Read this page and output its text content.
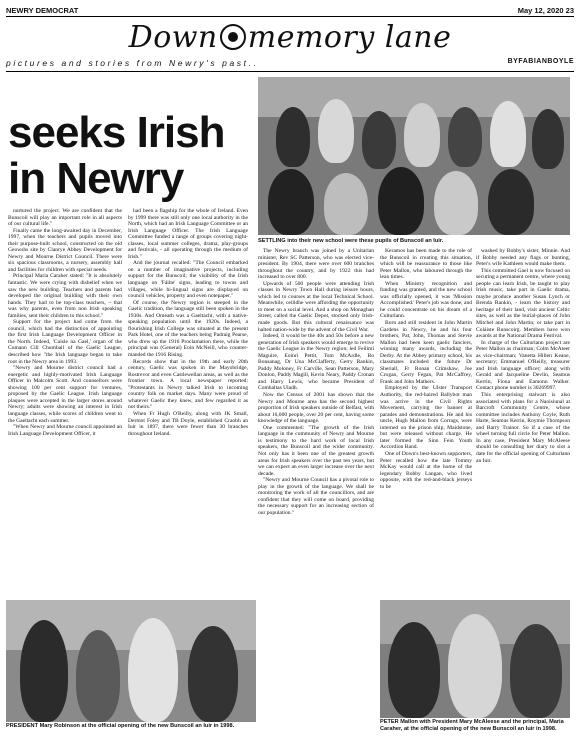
NEWRY DEMOCRAT	May 12, 2020 23
Down memory lane
pictures and stories from Newry's past..	BYFABIANBOYLE
seeks Irish in Newry
SETTLING into their new school were these pupils of Bunscoil an Iuir.
PRESIDENT Mary Robinson at the official opening of the new Bunscoil an Iuir in 1998.
PETER Mallon with President Mary McAleese and the principal, Maria Caraher, at the official opening of the new Bunscoil an Iuir in 1998.

nurtured the project. We are confident that the Bunscoil will play an important role in all aspects of our cultural life."

Finally came the long-awaited day in December, 1997, when the teachers and pupils moved into their purpose-built school, constructed on the old Geowshs site by Clanrye Abbey Development for Newry and Mourne District Council. There were six spacious classrooms, a nursery, assembly hall and facilities for children with special needs.

Principal Maria Caraher stated: "It is absolutely fantastic. We were crying with disbelief when we saw the new building. Teachers and parents had developed the original building with their own hands. They had to be top-class teachers, – that was why parents, even from non Irish speaking families, sent their children to this school."

Support for the project had come from the council, which had the distinction of appointing the first Irish Language Development Officer in the North. Indeed, 'Cuisle na Gael,' organ of the Cumann Cill Chumbail of the Gaelic League, described how "the Irish language began to take root in the Newry area in 1993.

"Newry and Mourne district council had a energetic and highly-motivated Irish Language Officer in Malcolm Scott. And counsellors were showing 100 per cent support for ventures, proposed by the Gaelic League. Irish language plaques were accepted in the larger stores around Newry; adults were showing an interest in Irish language classes, while scores of children went to the Gaeltacht each summer.

"When Newry and Mourne council appointed an Irish Language Development Officer, it

had been a flagship for the whole of Ireland. Even by 1999 there was still only one local authority in the North, which had an Irish Language Committee or an Irish Language Officer. The Irish Language Committee funded a range of groups covering night-classes, local summer colleges, drama, play-groups and festivals, - all operating through the medium of Irish."

And the journal recalled: "The Council embarked on a number of imaginative projects, including support for the Bunscoil; the visibility of the Irish language on 'Fáilte' signs, leading to towns and villages, while bi-lingual signs are displayed on council vehicles, property and even notepaper."

Of course, the Newry region is steeped in the Gaelic tradition, the language still been spoken in the 1930s. And Omeath was a Gaeltacht, with a native-speaking population until the 1920s. Indeed, a flourishing Irish College was situated at the present Park Hotel, one of the teachers being Padraig Pearse, who drew up the 1916 Proclamation there, while the principal was (General) Eoin McNeill, who counter-manded the 1916 Rising.

Records show that in the 19th and early 20th century, Gaelic was spoken in the Mayobridge, Rostrevor and even Castlewellan areas, as well as the frontier town. A local newspaper reported: "Protestants in Newry talked Irish to incoming country folk on market days. Many were proud of whatever Gaelic they knew, and few regarded it as not theirs."

When Fr Hugh O'Reilly, along with JK Small, Dermot Foley and TB Doyle, established Craobh an Iuir in 1897, there were fewer than 30 branches throughout Ireland.

The Newry branch was joined by a Unitarian minister, Rev SC Patterson, who was elected vice-president. By 1904, there were over 600 branches throughout the country, and by 1922 this had increased to over 800.

Upwards of 500 people were attending Irish classes in Newry Town Hall during leisure hours, which led to courses at the local Technical School. Meanwhile, ceilidhe were affording the opportunity to meet on a social level. And a shop on Monaghan Street, called the Gaelic Depot, stocked only Irish-made goods. But this cultural renaissance was halted nation-wide by the advent of the Civil War.

Indeed, it would be the 40s and 50s before a new generation of Irish speakers would emerge to revive the Gaelic League in the Newry region; led Feilimí Maguire, Eoinri Pettit, Tom McArdle, Bo Bonsanag, Dr Una McClafferty, Gerry Rankin, Paddy Moloney, Fr Carville, Sean Patterson, Mary Donlon, Paddy Magill, Kevin Neary, Paddy Cronan and Harry Lewis, who became President of Comhaltas Uladh.

Now the Census of 2001 has shown that the Newry and Mourne area has the second highest proportion of Irish speakers outside of Belfast, with about 16,000 people, over 20 per cent, having some knowledge of the language.

One commented: "The growth of the Irish language in the community of Newry and Mourne is testimony to the hard work of local Irish speakers, the Bunscoil and the wider community. Not only has it been one of the greatest growth areas for Irish speakers over the past ten years, but we can expect an even larger increase over the next decade.

"Newry and Mourne Council has a pivotal role to play in the growth of the language. We shall be monitoring the work of all the councillors, and are confident that they will come on board, providing the necessary support for an increasing section of our population."

Keramos has been made to the role of the Bunscoil in creating this situation, which will be reassurance to those like Peter Mallon, who laboured through the lean times.

When Ministry recognition and funding was granted, and the new school was officially opened, it was 'Mission Accomplished.' Peter's job was done, and he could concentrate on his dream of a Culturlann.

Born and still resident in John Martin Gardens in Newry, he and his four brothers, Pat, John, Thomas and Stevie Mallon had been keen gaelic fanciers, winning many awards, including the Derby. At the Abbey primary school, his classmates included the future Dr Sheriall, Fr Ronan Crimshaw, Joe Crogan, Gerry Fegan, Pat McCaffrey, Frank and John Mathers.

Employed by the Ulster Transport Authority, the red-haired Ballybot man was active in the Civil Rights Movement, carrying the banner at parades and demonstrations. He and his uncle, Hugh Mallon from Corrags, were interned on the prison ship, Maidstone, but were released without charge. He later formed the Sinn Fein Youth Accordion Band.

One of Down's best-known supporters, Peter recalled how the late Tommy McKay would call at the home of the legendary Bobby Langan, who lived opposite, with the red-and-black jerseys to be

washed by Bobby's sister, Minnie. And if Bobby needed any flags or bunting, Peter's wife Kathleen would make them.

This committed Gael is now focused on securing a permanent centre, where young people can learn Irish, be taught to play Irish music, take part in Gaelic drama, maybe produce another Susan Lynch or Brenda Rankin, - learn the history and heritage of their land, visit ancient Celtic sites, as well as the burial-places of John Mitchel and John Martin; or take part in Coláiste Bunscoirg. Members have won awards at the National Drama Festival.

In charge of the Culturlann project are Peter Mallon as chairman; Colm McAteer as vice-chairman; Vanetta Hillen Keane, secretary; Emmanuel O'Reilly, treasurer and Irish language officer; along with Gerald and Jacqueline Devlin, Seamus Kerrin, Fiona and Eamonn Walker. Contact phone number is 30269997.

This enterprising stalwart is also associated with plans for a Naoisiunal at Barcroft Community Centre, whose committee includes Anthony Coyle, Ruth Harte, Seamus Kerrin, Roymie Thompson and Barry Trainor. So if a case of the wheel turning full circle for Peter Mallon. In any case, President Mary McAleese should be consulting her diary to slot a date for the official opening of Culturlann an Iuir.
